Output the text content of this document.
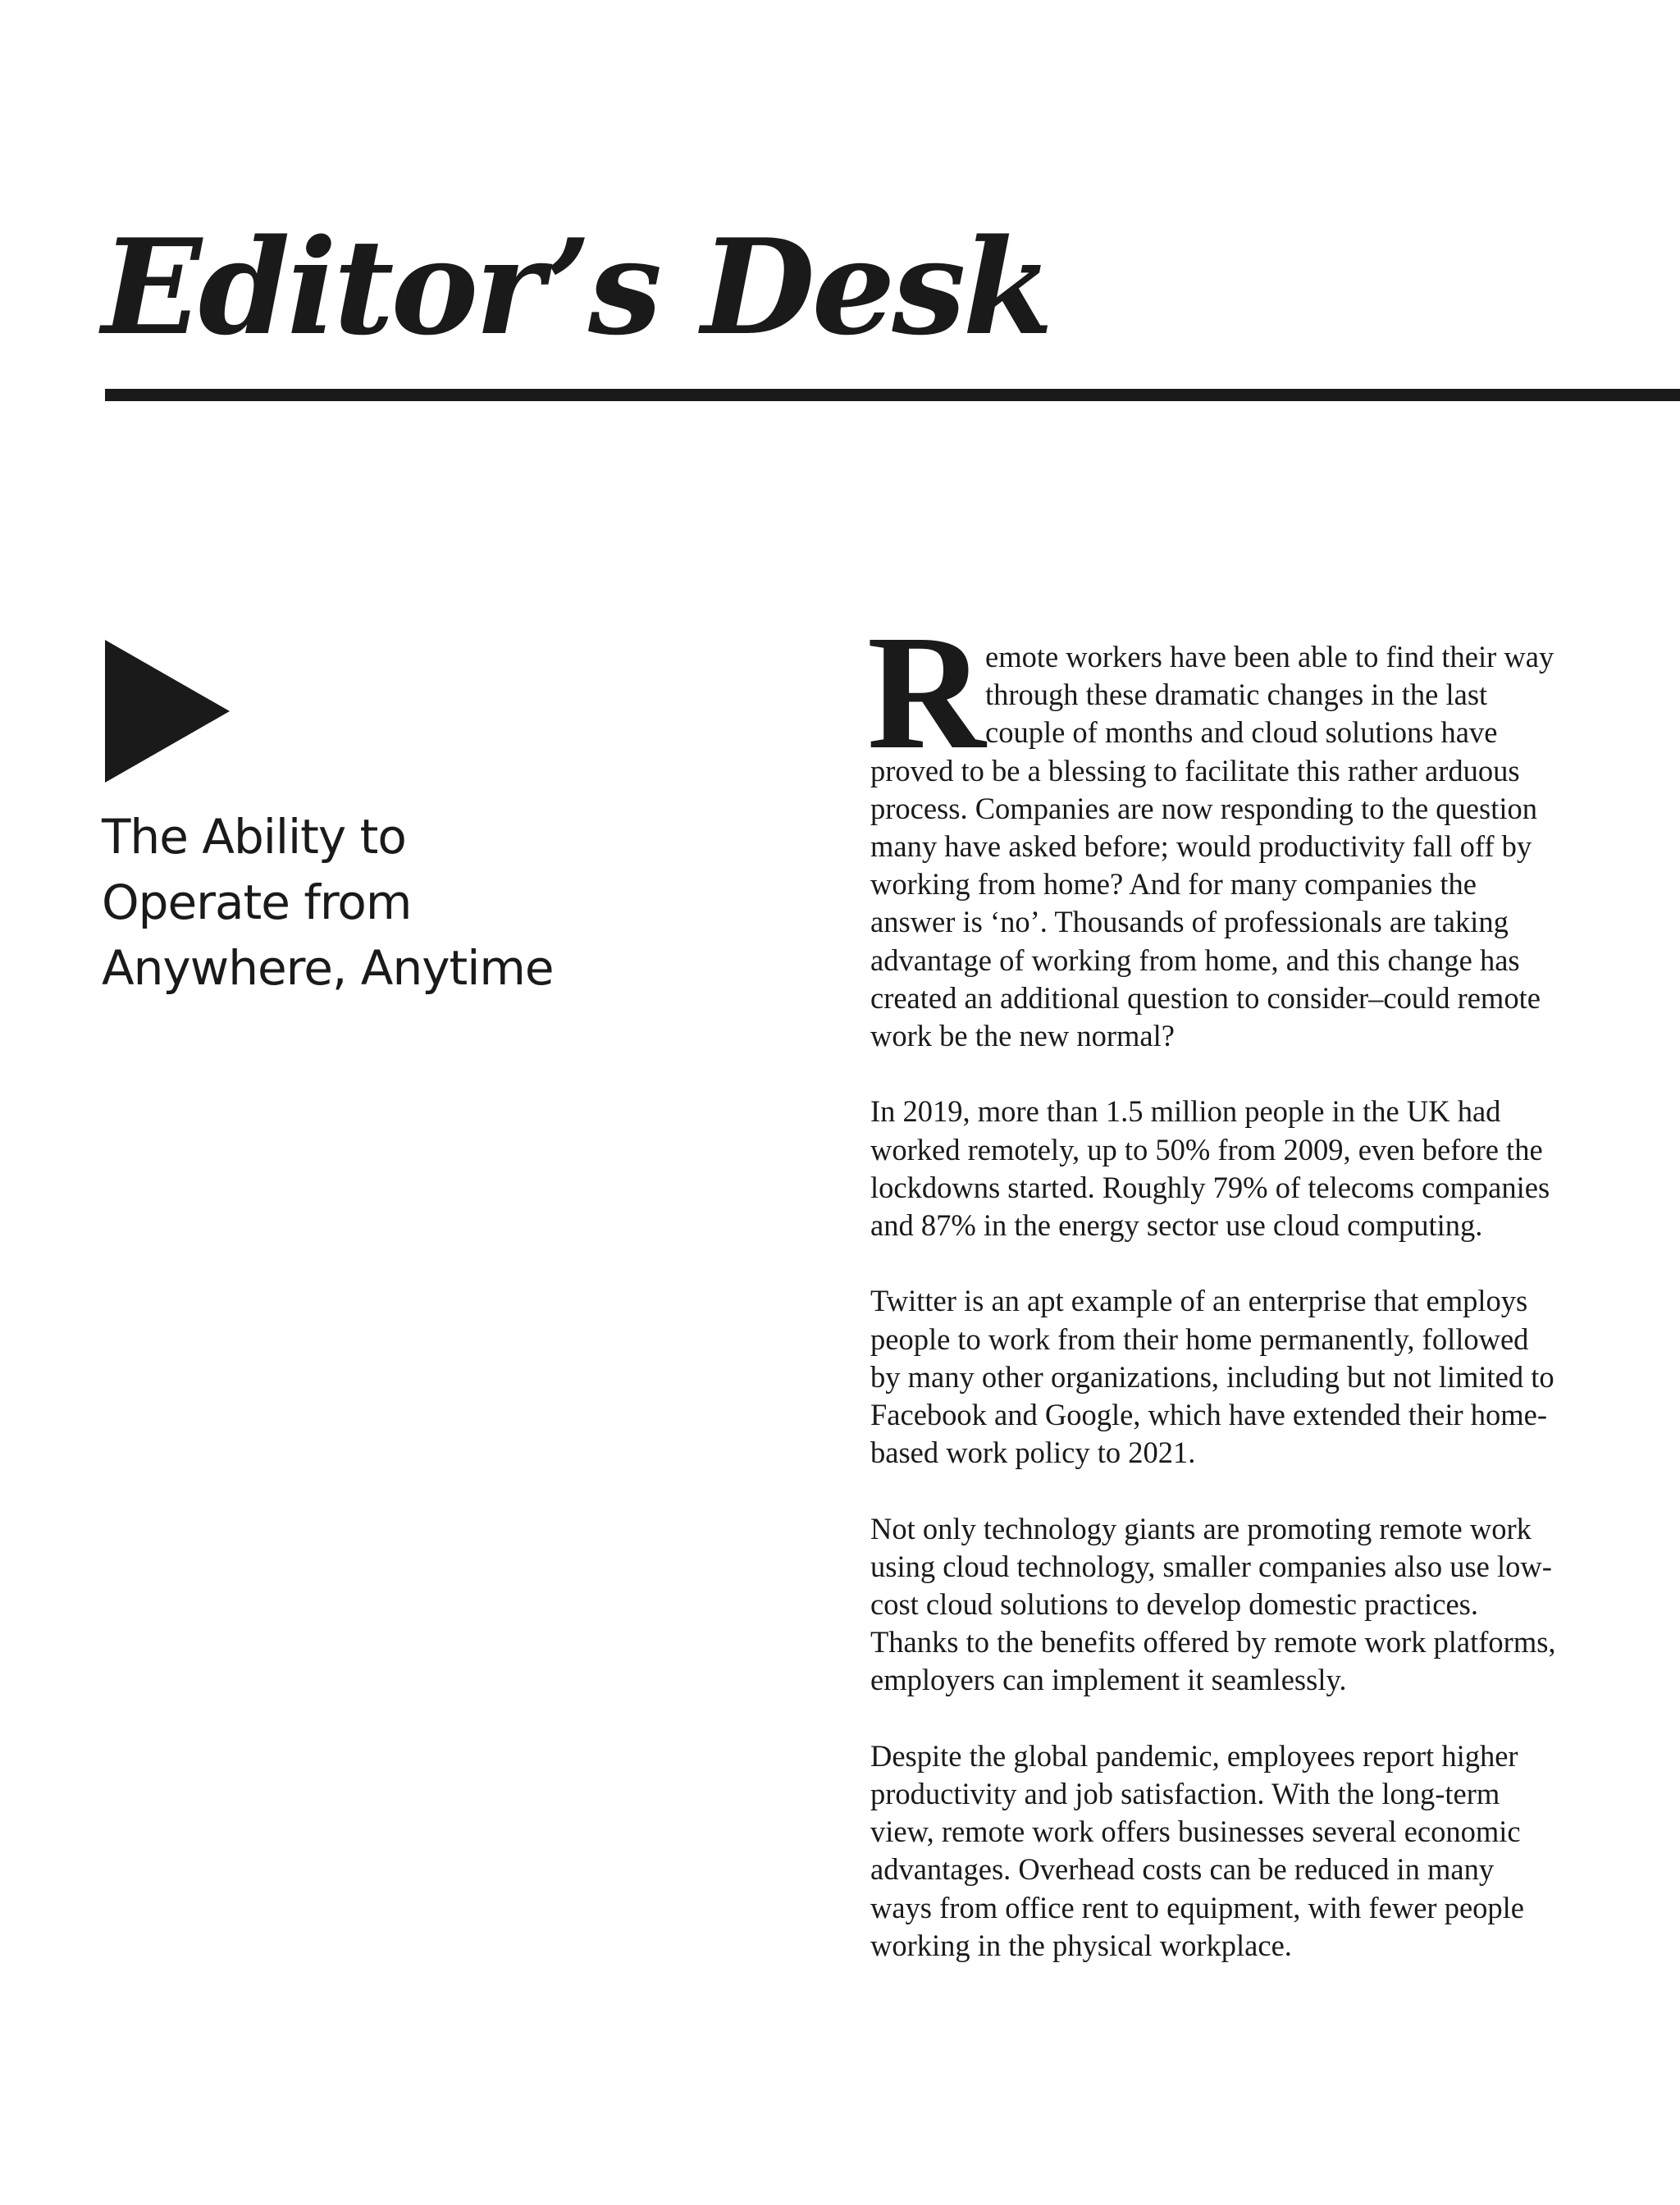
Editor’s Desk
The Ability to
Operate from
Anywhere, Anytime
R emote workers have been able to find their way
through these dramatic changes in the last
couple of months and cloud solutions have
proved to be a blessing to facilitate this rather arduous
process. Companies are now responding to the question
many have asked before; would productivity fall off by
working from home? And for many companies the
answer is ‘no’. Thousands of professionals are taking
advantage of working from home, and this change has
created an additional question to consider–could remote
work be the new normal?
In 2019, more than 1.5 million people in the UK had
worked remotely, up to 50% from 2009, even before the
lockdowns started. Roughly 79% of telecoms companies
and 87% in the energy sector use cloud computing.
Twitter is an apt example of an enterprise that employs
people to work from their home permanently, followed
by many other organizations, including but not limited to
Facebook and Google, which have extended their home-
based work policy to 2021.
Not only technology giants are promoting remote work
using cloud technology, smaller companies also use low-
cost cloud solutions to develop domestic practices.
Thanks to the benefits offered by remote work platforms,
employers can implement it seamlessly.
Despite the global pandemic, employees report higher
productivity and job satisfaction. With the long-term
view, remote work offers businesses several economic
advantages. Overhead costs can be reduced in many
ways from office rent to equipment, with fewer people
working in the physical workplace.
